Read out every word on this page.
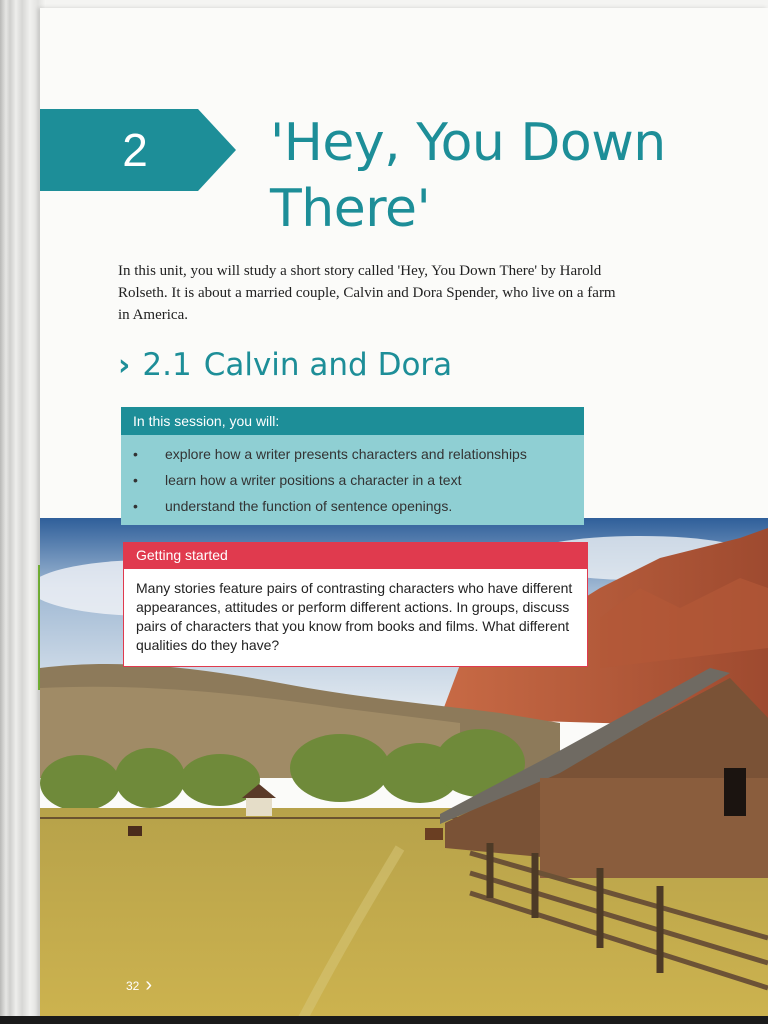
2	'Hey, You Down There'
In this unit, you will study a short story called 'Hey, You Down There' by Harold Rolseth. It is about a married couple, Calvin and Dora Spender, who live on a farm in America.
› 2.1 Calvin and Dora
In this session, you will:
•	explore how a writer presents characters and relationships
•	learn how a writer positions a character in a text
•	understand the function of sentence openings.
Getting started
Many stories feature pairs of contrasting characters who have different appearances, attitudes or perform different actions. In groups, discuss pairs of characters that you know from books and films. What different qualities do they have?
32 ›
